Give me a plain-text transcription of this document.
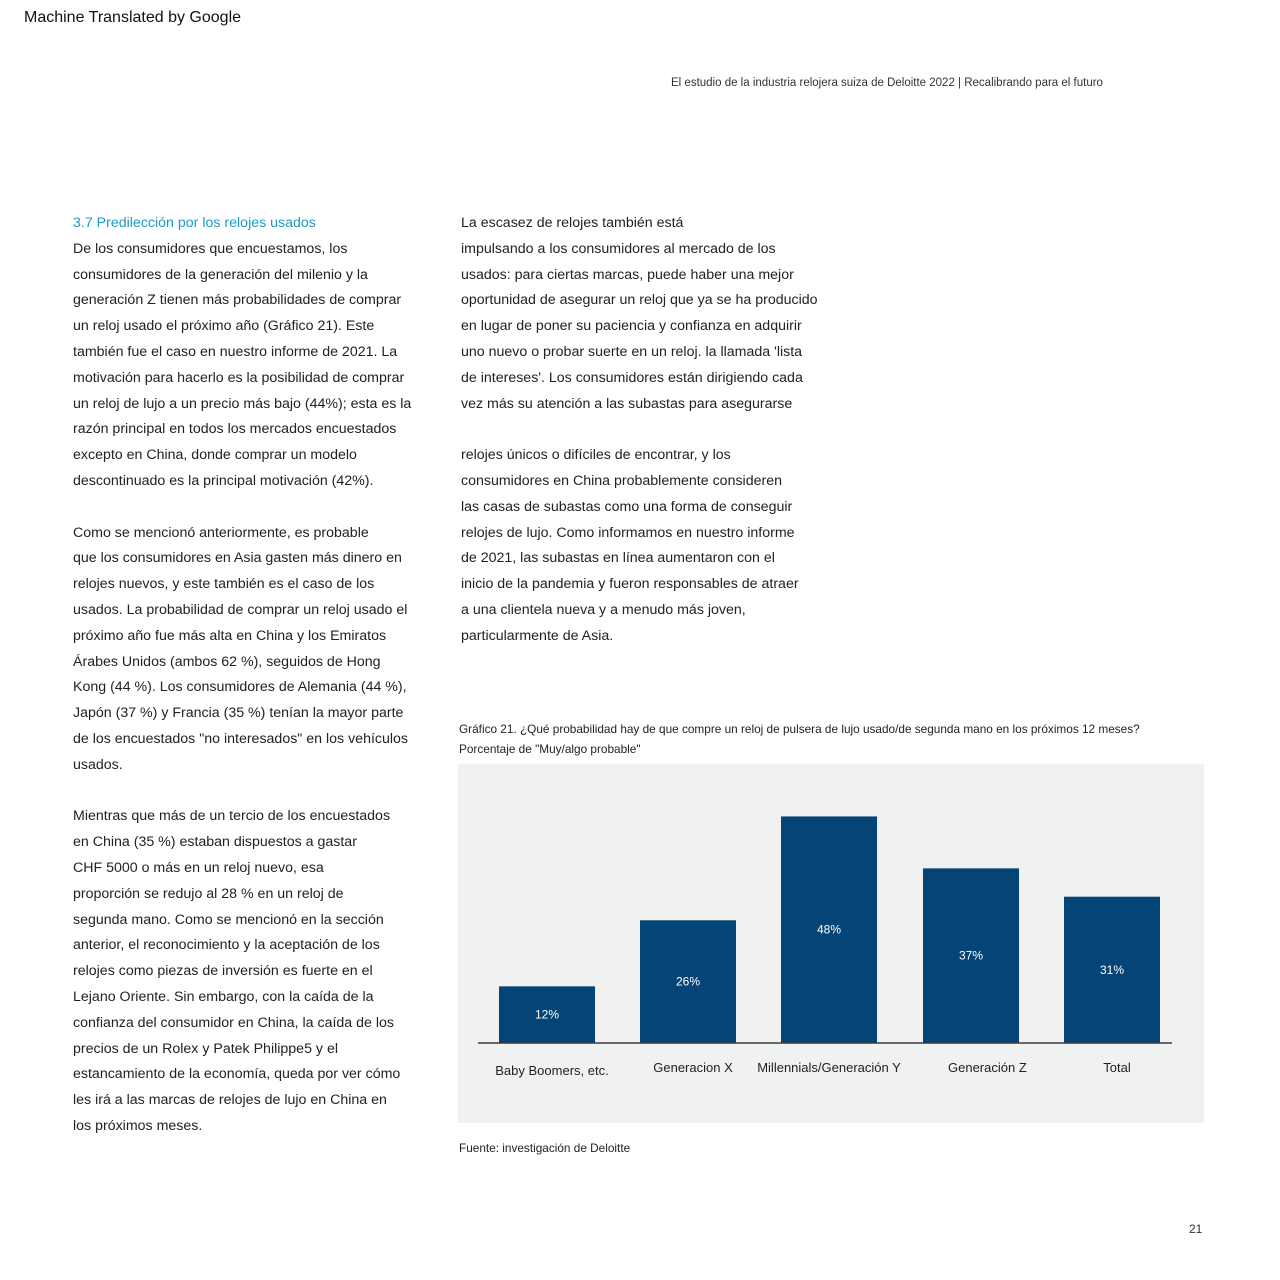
Machine Translated by Google
El estudio de la industria relojera suiza de Deloitte 2022 | Recalibrando para el futuro

3.7 Predilección por los relojes usados

De los consumidores que encuestamos, los
consumidores de la generación del milenio y la
generación Z tienen más probabilidades de comprar
un reloj usado el próximo año (Gráfico 21). Este
también fue el caso en nuestro informe de 2021. La
motivación para hacerlo es la posibilidad de comprar
un reloj de lujo a un precio más bajo (44%); esta es la
razón principal en todos los mercados encuestados
excepto en China, donde comprar un modelo
descontinuado es la principal motivación (42%).
Como se mencionó anteriormente, es probable
que los consumidores en Asia gasten más dinero en
relojes nuevos, y este también es el caso de los
usados. La probabilidad de comprar un reloj usado el
próximo año fue más alta en China y los Emiratos
Árabes Unidos (ambos 62 %), seguidos de Hong
Kong (44 %). Los consumidores de Alemania (44 %),
Japón (37 %) y Francia (35 %) tenían la mayor parte
de los encuestados "no interesados" en los vehículos
usados.
Mientras que más de un tercio de los encuestados
en China (35 %) estaban dispuestos a gastar
CHF 5000 o más en un reloj nuevo, esa
proporción se redujo al 28 % en un reloj de
segunda mano. Como se mencionó en la sección
anterior, el reconocimiento y la aceptación de los
relojes como piezas de inversión es fuerte en el
Lejano Oriente. Sin embargo, con la caída de la
confianza del consumidor en China, la caída de los
precios de un Rolex y Patek Philippe5 y el
estancamiento de la economía, queda por ver cómo
les irá a las marcas de relojes de lujo en China en
los próximos meses.
La escasez de relojes también está
impulsando a los consumidores al mercado de los
usados: para ciertas marcas, puede haber una mejor
oportunidad de asegurar un reloj que ya se ha producido
en lugar de poner su paciencia y confianza en adquirir
uno nuevo o probar suerte en un reloj. la llamada 'lista
de intereses'. Los consumidores están dirigiendo cada
vez más su atención a las subastas para asegurarse
relojes únicos o difíciles de encontrar, y los
consumidores en China probablemente consideren
las casas de subastas como una forma de conseguir
relojes de lujo. Como informamos en nuestro informe
de 2021, las subastas en línea aumentaron con el
inicio de la pandemia y fueron responsables de atraer
a una clientela nueva y a menudo más joven,
particularmente de Asia.
Gráfico 21. ¿Qué probabilidad hay de que compre un reloj de pulsera de lujo usado/de segunda mano en los próximos 12 meses?
Porcentaje de "Muy/algo probable"
12%
Baby Boomers, etc.
26%
Generacion X
48%
Millennials/Generación Y
37%
Generación Z
31%
Total
Fuente: investigación de Deloitte
21
